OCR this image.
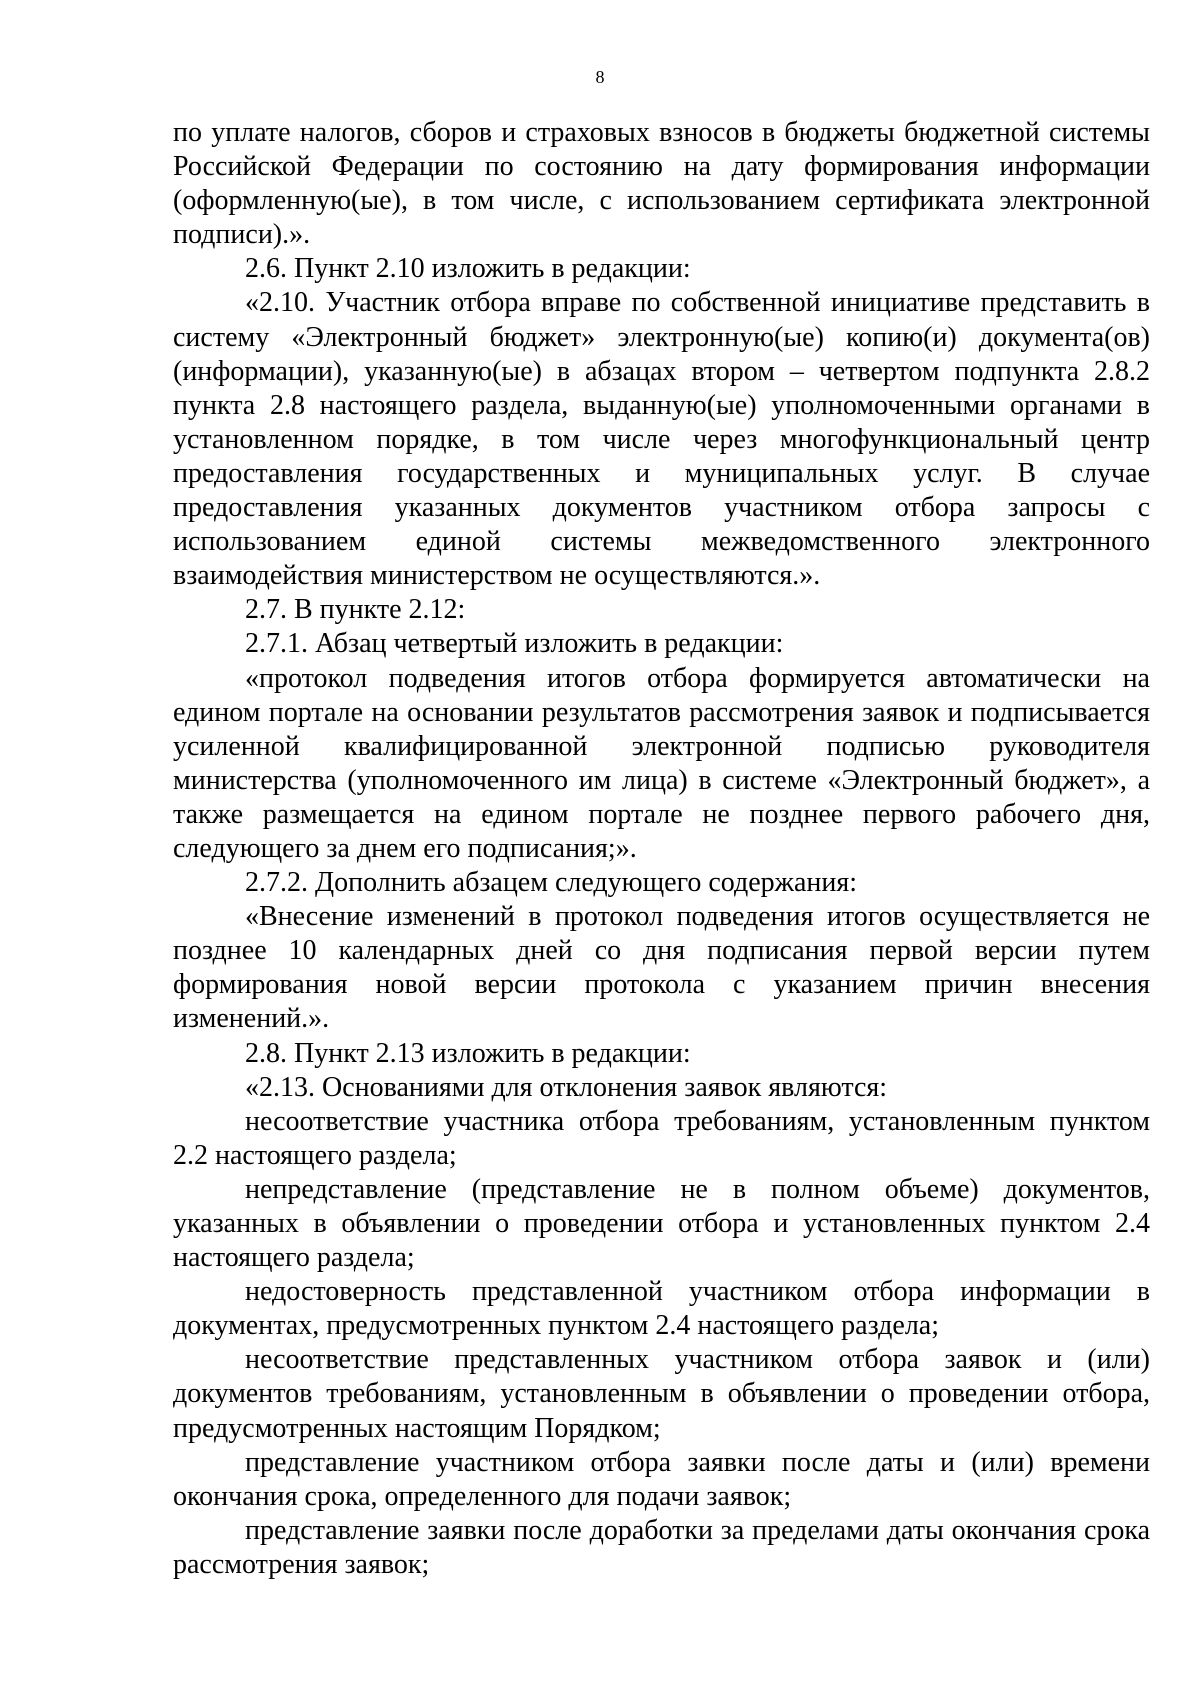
8

по уплате налогов, сборов и страховых взносов в бюджеты бюджетной системы Российской Федерации по состоянию на дату формирования информации (оформленную(ые), в том числе, с использованием сертификата электронной подписи).».

2.6. Пункт 2.10 изложить в редакции:

«2.10. Участник отбора вправе по собственной инициативе представить в систему «Электронный бюджет» электронную(ые) копию(и) документа(ов) (информации), указанную(ые) в абзацах втором – четвертом подпункта 2.8.2 пункта 2.8 настоящего раздела, выданную(ые) уполномоченными органами в установленном порядке, в том числе через многофункциональный центр предоставления государственных и муниципальных услуг. В случае предоставления указанных документов участником отбора запросы с использованием единой системы межведомственного электронного взаимодействия министерством не осуществляются.».

2.7. В пункте 2.12:

2.7.1. Абзац четвертый изложить в редакции:

«протокол подведения итогов отбора формируется автоматически на едином портале на основании результатов рассмотрения заявок и подписывается усиленной квалифицированной электронной подписью руководителя министерства (уполномоченного им лица) в системе «Электронный бюджет», а также размещается на едином портале не позднее первого рабочего дня, следующего за днем его подписания;».

2.7.2. Дополнить абзацем следующего содержания:

«Внесение изменений в протокол подведения итогов осуществляется не позднее 10 календарных дней со дня подписания первой версии путем формирования новой версии протокола с указанием причин внесения изменений.».

2.8. Пункт 2.13 изложить в редакции:

«2.13. Основаниями для отклонения заявок являются:

несоответствие участника отбора требованиям, установленным пунктом 2.2 настоящего раздела;

непредставление (представление не в полном объеме) документов, указанных в объявлении о проведении отбора и установленных пунктом 2.4 настоящего раздела;

недостоверность представленной участником отбора информации в документах, предусмотренных пунктом 2.4 настоящего раздела;

несоответствие представленных участником отбора заявок и (или) документов требованиям, установленным в объявлении о проведении отбора, предусмотренных настоящим Порядком;

представление участником отбора заявки после даты и (или) времени окончания срока, определенного для подачи заявок;

представление заявки после доработки за пределами даты окончания срока рассмотрения заявок;
